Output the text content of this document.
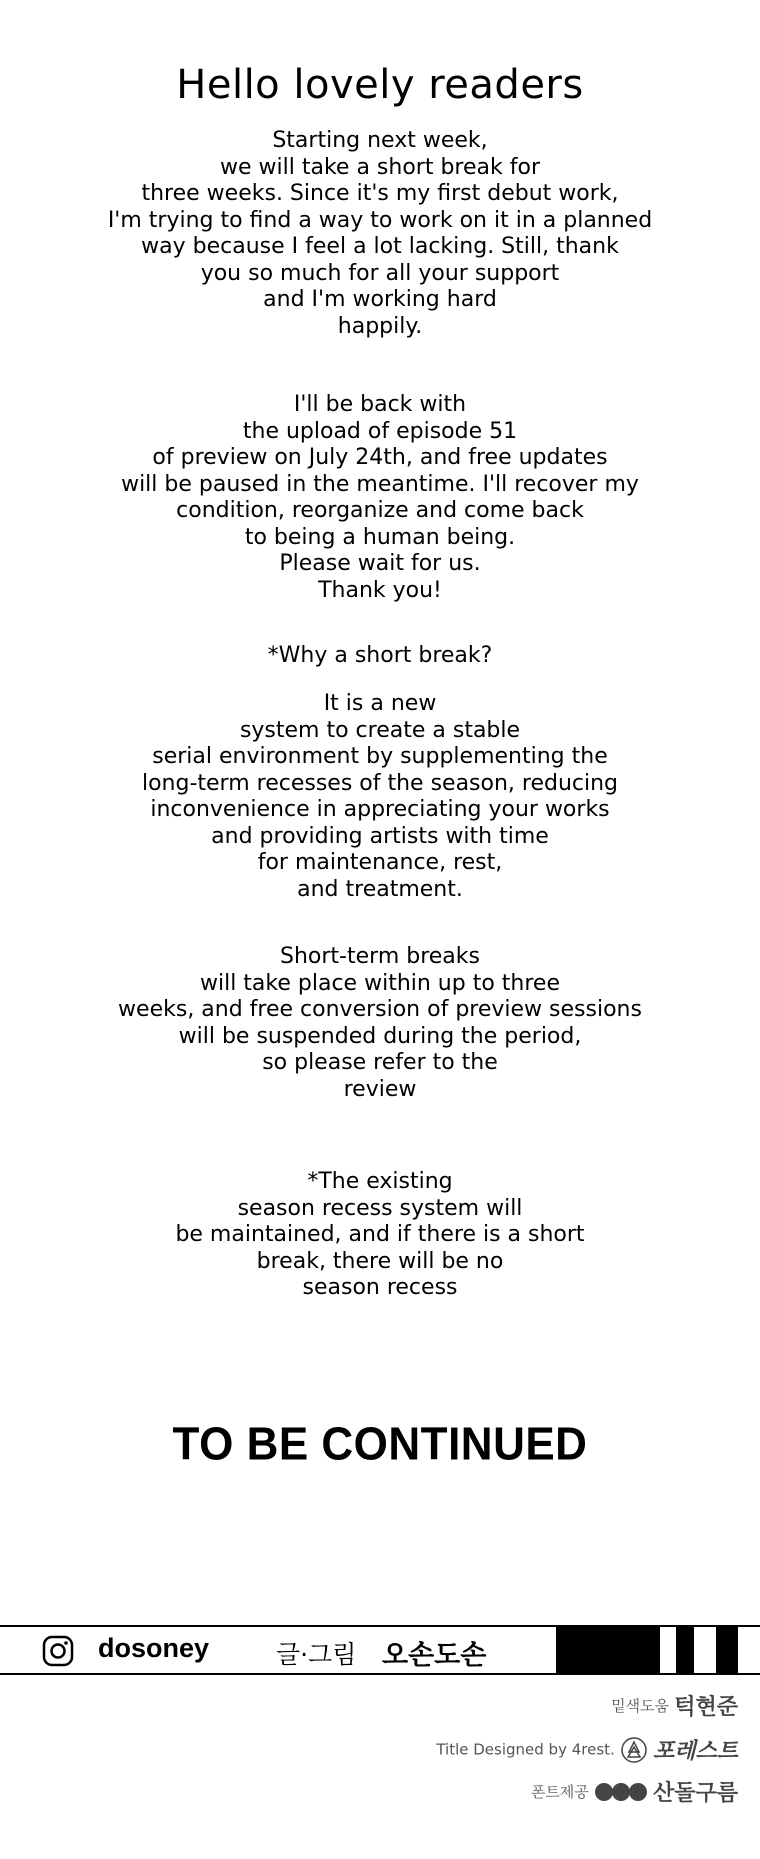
Hello lovely readers
Starting next week,
we will take a short break for
three weeks. Since it's my first debut work,
I'm trying to find a way to work on it in a planned
way because I feel a lot lacking. Still, thank
you so much for all your support
and I'm working hard
happily.
I'll be back with
the upload of episode 51
of preview on July 24th, and free updates
will be paused in the meantime. I'll recover my
condition, reorganize and come back
to being a human being.
Please wait for us.
Thank you!
*Why a short break?
It is a new
system to create a stable
serial environment by supplementing the
long-term recesses of the season, reducing
inconvenience in appreciating your works
and providing artists with time
for maintenance, rest,
and treatment.
Short-term breaks
will take place within up to three
weeks, and free conversion of preview sessions
will be suspended during the period,
so please refer to the
review
*The existing
season recess system will
be maintained, and if there is a short
break, there will be no
season recess
TO BE CONTINUED
dosoney	글·그림 오손도손
밑색도움 턱현준
Title Designed by 4rest. 포레스트
폰트제공	산돌구름
